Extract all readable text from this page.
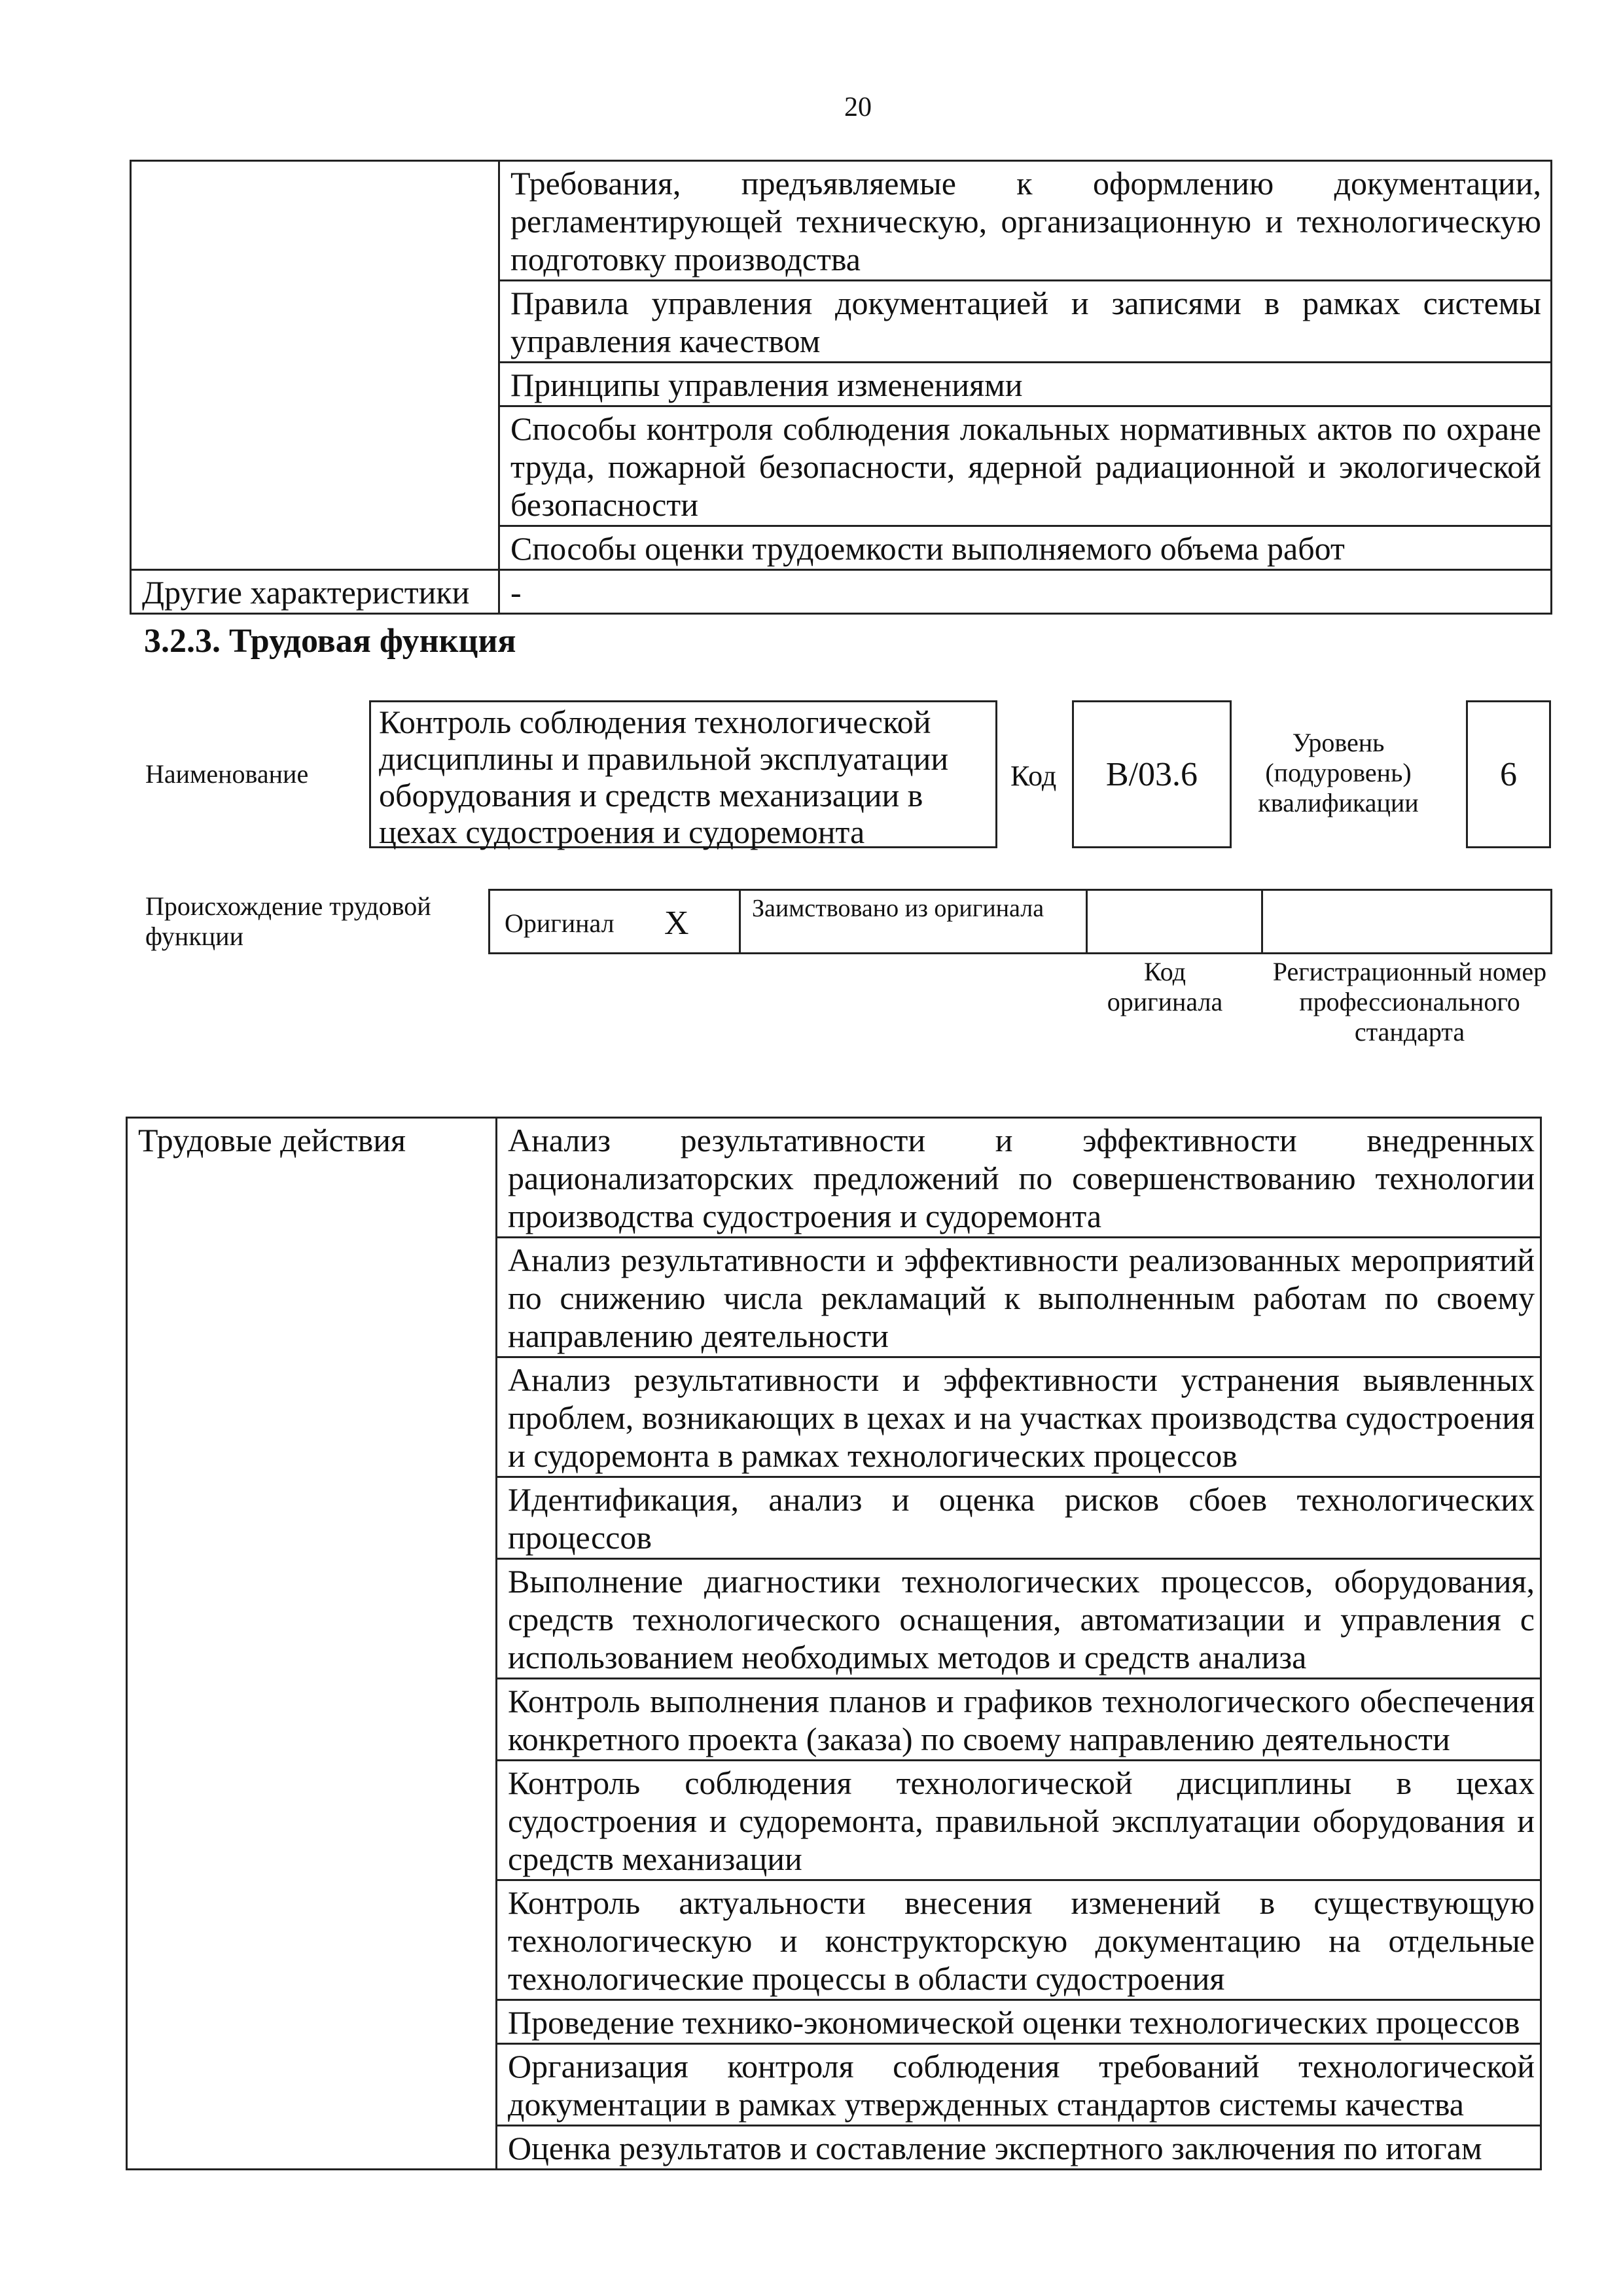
20
	Требования, предъявляемые к оформлению документации, регламентирующей техническую, организационную и технологическую подготовку производства
	Правила управления документацией и записями в рамках системы управления качеством
	Принципы управления изменениями
	Способы контроля соблюдения локальных нормативных актов по охране труда, пожарной безопасности, ядерной радиационной и экологической безопасности
	Способы оценки трудоемкости выполняемого объема работ
Другие характеристики	-
3.2.3. Трудовая функция
Наименование
Контроль соблюдения технологической дисциплины и правильной эксплуатации оборудования и средств механизации в цехах судостроения и судоремонта
Код	B/03.6
Уровень
(подуровень)
квалификации
6
Происхождение трудовой функции	Оригинал X	Заимствовано из оригинала
Код оригинала
Регистрационный номер профессионального стандарта
Трудовые действия	Анализ результативности и эффективности внедренных рационализаторских предложений по совершенствованию технологии производства судостроения и судоремонта
Анализ результативности и эффективности реализованных мероприятий по снижению числа рекламаций к выполненным работам по своему направлению деятельности
Анализ результативности и эффективности устранения выявленных проблем, возникающих в цехах и на участках производства судостроения и судоремонта в рамках технологических процессов
Идентификация, анализ и оценка рисков сбоев технологических процессов
Выполнение диагностики технологических процессов, оборудования, средств технологического оснащения, автоматизации и управления с использованием необходимых методов и средств анализа
Контроль выполнения планов и графиков технологического обеспечения конкретного проекта (заказа) по своему направлению деятельности
Контроль соблюдения технологической дисциплины в цехах судостроения и судоремонта, правильной эксплуатации оборудования и средств механизации
Контроль актуальности внесения изменений в существующую технологическую и конструкторскую документацию на отдельные технологические процессы в области судостроения
Проведение технико-экономической оценки технологических процессов
Организация контроля соблюдения требований технологической документации в рамках утвержденных стандартов системы качества
Оценка результатов и составление экспертного заключения по итогам
